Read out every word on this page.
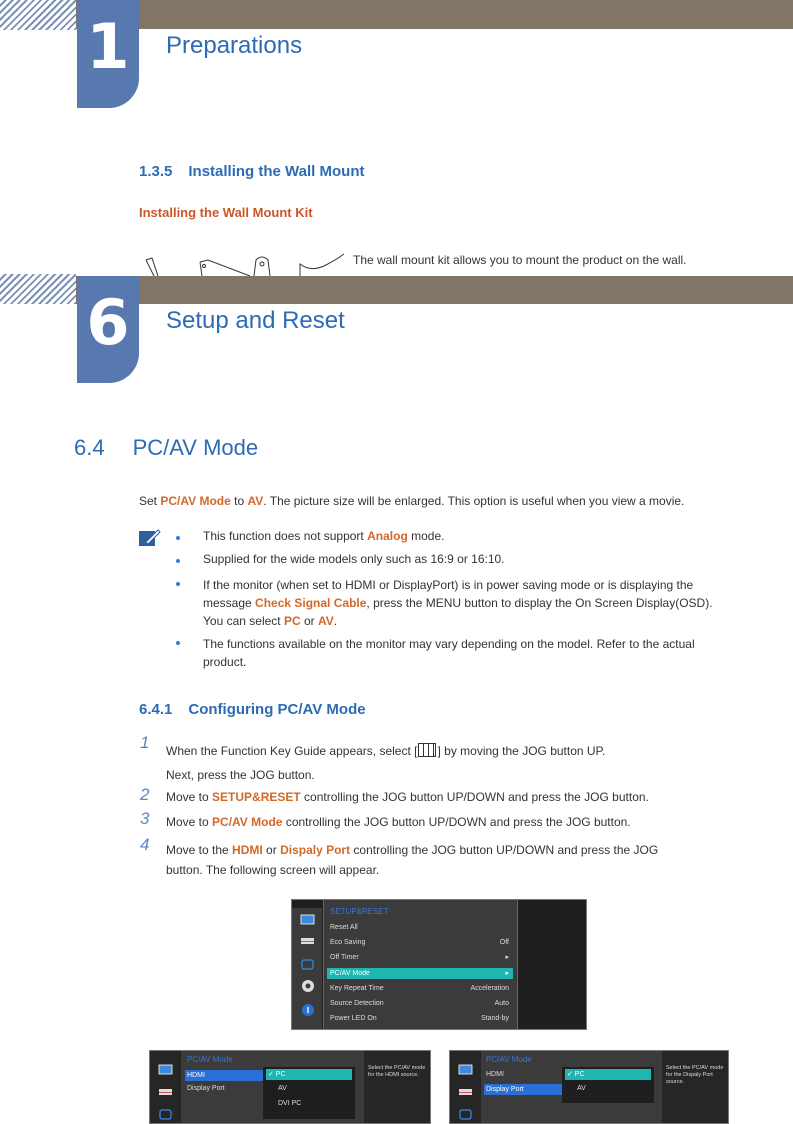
1	Preparations
1.3.5 Installing the Wall Mount
Installing the Wall Mount Kit
The wall mount kit allows you to mount the product on the wall.
6	Setup and Reset
6.4 PC/AV Mode
Set PC/AV Mode to AV. The picture size will be enlarged. This option is useful when you view a movie.
This function does not support Analog mode.
Supplied for the wide models only such as 16:9 or 16:10.
If the monitor (when set to HDMI or DisplayPort) is in power saving mode or is displaying the
message Check Signal Cable, press the MENU button to display the On Screen Display(OSD).
You can select PC or AV.
The functions available on the monitor may vary depending on the model. Refer to the actual
product.
6.4.1 Configuring PC/AV Mode
1 When the Function Key Guide appears, select [ ] by moving the JOG button UP.
Next, press the JOG button.
2 Move to SETUP&RESET controlling the JOG button UP/DOWN and press the JOG button.
3 Move to PC/AV Mode controlling the JOG button UP/DOWN and press the JOG button.
4 Move to the HDMI or Dispaly Port controlling the JOG button UP/DOWN and press the JOG
button. The following screen will appear.
SETUP&RESET
Reset All
Eco Saving	Off
Off Timer	▸
PC/AV Mode	▸
Key Repeat Time	Acceleration
Source Detection	Auto
Power LED On	Stand-by
PC/AV Mode
HDMI
Display Port
✓ PC
AV
DVI PC
Select the PC/AV mode for the HDMI source.
PC/AV Mode
HDMI
Display Port
✓ PC
AV
Select the PC/AV mode for the Dispaly Port source.
